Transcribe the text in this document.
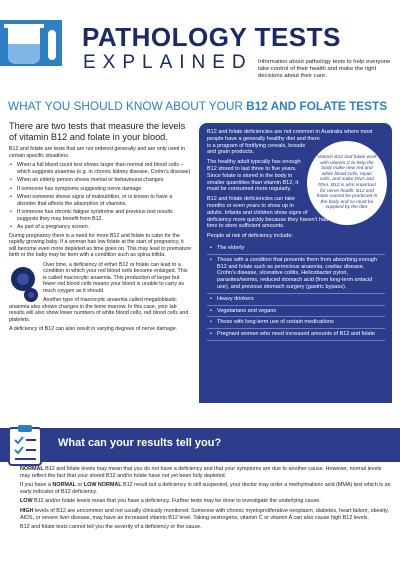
PATHOLOGY TESTS
EXPLAINED Information about pathology tests to help everyone take control of their health and make the right decisions about their care.
WHAT YOU SHOULD KNOW ABOUT YOUR B12 AND FOLATE TESTS
There are two tests that measure the levels of vitamin B12 and folate in your blood.
B12 and folate are tests that are not ordered generally and are only used in certain specific situations.
• When a full blood count test shows larger than normal red blood cells – which suggests anaemia (e.g. in chronic kidney disease, Crohn's disease)
• When an elderly person shows mental or behavioural changes
• If someone has symptoms suggesting nerve damage
• When someone shows signs of malnutrition, or is known to have a disorder that affects the absorption of vitamins.
• If someone has chronic fatigue syndrome and previous test results suggests they may benefit from B12.
• As part of a pregnancy screen.
During pregnancy there is a need for more B12 and folate to cater for the rapidly growing baby. If a woman has low folate at the start of pregnancy, it will become even more depleted as time goes on. This may lead to premature birth or the baby may be born with a condition such as spina bifida.
Over time, a deficiency of either B12 or folate can lead to a condition in which your red blood cells become enlarged. This is called macrocytic anaemia. This production of larger but fewer red blood cells means your blood is unable to carry as much oxygen as it should.
Another type of macrocytic anaemia called megaloblastic anaemia also shows changes in the bone marrow. In this case, your lab results will also show lower numbers of white blood cells, red blood cells and platelets.
A deficiency of B12 can also result in varying degrees of nerve damage.
Vitamin B12 and folate work with vitamin C to help the body make new red and white blood cells, repair cells, and make DNA and RNA. B12 is also important for nerve health. B12 and folate cannot be produced in the body and so must be supplied by the diet.
B12 and folate deficiencies are not common in Australia where most people have a generally healthy diet and there is a program of fortifying cereals, breads and grain products.
The healthy adult typically has enough B12 stored to last three to five years. Since folate is stored in the body in smaller quantities than vitamin B12, it must be consumed more regularly.
B12 and folate deficiencies can take months or even years to show up in adults. Infants and children show signs of deficiency more quickly because they haven't had time to store sufficient amounts.
People at risk of deficiency include:
• The elderly
• Those with a condition that prevents them from absorbing enough B12 and folate such as pernicious anaemia, coeliac disease, Crohn's disease, ulcerative colitis, Helicobacter pylori, parasites/worms, reduced stomach acid (from long-term antacid use), and previous stomach surgery (gastric bypass).
• Heavy drinkers
• Vegetarians and vegans
• Those with long-term use of certain medications
• Pregnant women who need increased amounts of B12 and folate
What can your results tell you?
NORMAL B12 and folate levels may mean that you do not have a deficiency and that your symptoms are due to another cause. However, normal levels may reflect the fact that your stored B12 and/or folate have not yet been fully depleted.
If you have a NORMAL or LOW NORMAL B12 result but a deficiency is still suspected, your doctor may order a methylmalonic acid (MMA) test which is an early indicator of B12 deficiency.
LOW B12 and/or folate levels mean that you have a deficiency. Further tests may be done to investigate the underlying cause.
HIGH levels of B12 are uncommon and not usually clinically monitored. Someone with chronic myeloproliferative neoplasm, diabetes, heart failure, obesity, AIDS, or severe liver disease, may have an increased vitamin B12 level. Taking oestrogens, vitamin C or vitamin A can also cause high B12 levels.
B12 and folate tests cannot tell you the severity of a deficiency or the cause.
